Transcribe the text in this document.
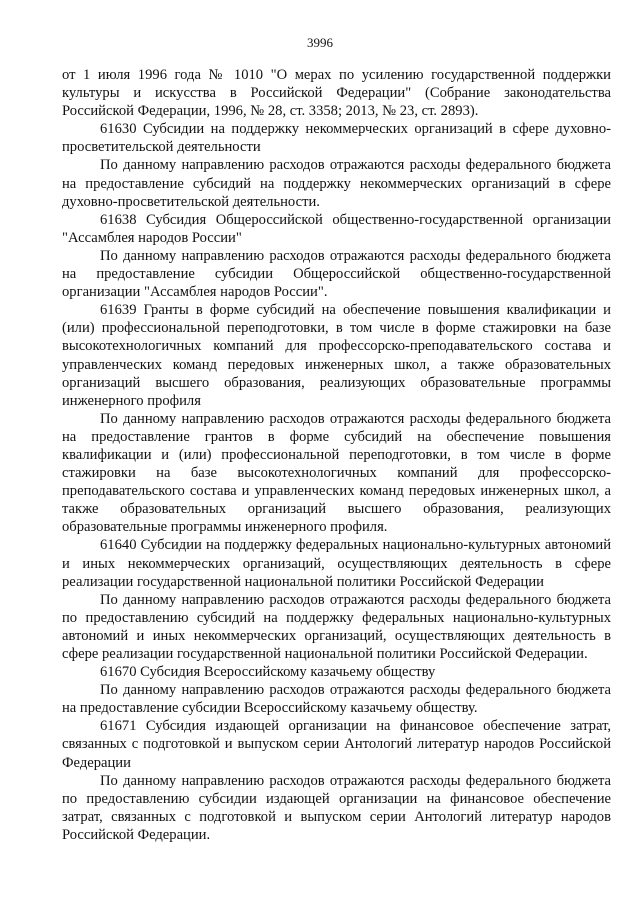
3996

от 1 июля 1996 года № 1010 "О мерах по усилению государственной поддержки культуры и искусства в Российской Федерации" (Собрание законодательства Российской Федерации, 1996, № 28, ст. 3358; 2013, № 23, ст. 2893).

61630 Субсидии на поддержку некоммерческих организаций в сфере духовно-просветительской деятельности

По данному направлению расходов отражаются расходы федерального бюджета на предоставление субсидий на поддержку некоммерческих организаций в сфере духовно-просветительской деятельности.

61638 Субсидия Общероссийской общественно-государственной организации "Ассамблея народов России"

По данному направлению расходов отражаются расходы федерального бюджета на предоставление субсидии Общероссийской общественно-государственной организации "Ассамблея народов России".

61639 Гранты в форме субсидий на обеспечение повышения квалификации и (или) профессиональной переподготовки, в том числе в форме стажировки на базе высокотехнологичных компаний для профессорско-преподавательского состава и управленческих команд передовых инженерных школ, а также образовательных организаций высшего образования, реализующих образовательные программы инженерного профиля

По данному направлению расходов отражаются расходы федерального бюджета на предоставление грантов в форме субсидий на обеспечение повышения квалификации и (или) профессиональной переподготовки, в том числе в форме стажировки на базе высокотехнологичных компаний для профессорско-преподавательского состава и управленческих команд передовых инженерных школ, а также образовательных организаций высшего образования, реализующих образовательные программы инженерного профиля.

61640 Субсидии на поддержку федеральных национально-культурных автономий и иных некоммерческих организаций, осуществляющих деятельность в сфере реализации государственной национальной политики Российской Федерации

По данному направлению расходов отражаются расходы федерального бюджета по предоставлению субсидий на поддержку федеральных национально-культурных автономий и иных некоммерческих организаций, осуществляющих деятельность в сфере реализации государственной национальной политики Российской Федерации.

61670 Субсидия Всероссийскому казачьему обществу

По данному направлению расходов отражаются расходы федерального бюджета на предоставление субсидии Всероссийскому казачьему обществу.

61671 Субсидия издающей организации на финансовое обеспечение затрат, связанных с подготовкой и выпуском серии Антологий литератур народов Российской Федерации

По данному направлению расходов отражаются расходы федерального бюджета по предоставлению субсидии издающей организации на финансовое обеспечение затрат, связанных с подготовкой и выпуском серии Антологий литератур народов Российской Федерации.
